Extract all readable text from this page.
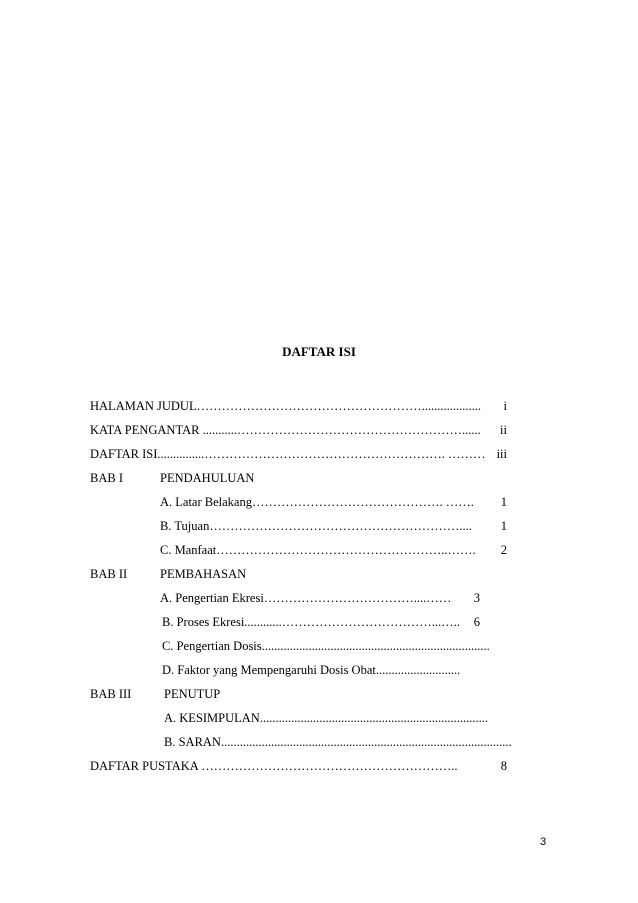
DAFTAR ISI
HALAMAN JUDUL………………………………………………...................	i
KATA PENGANTAR ...........………………………………………………......	ii
DAFTAR ISI...............…………………………………………………. ……… iii
BAB I	PENDAHULUAN
A. Latar Belakang………………………………………. …….	1
B. Tujuan……………………………………………………....	1
C. Manfaat………………………………………………..…….	2
BAB II	PEMBAHASAN
A. Pengertian Ekresi………………………………....……	3
B. Proses Ekresi............………………………………...…..	6
C. Pengertian Dosis.........................................................................
D. Faktor yang Mempengaruhi Dosis Obat...........................
BAB III	PENUTUP
A. KESIMPULAN.........................................................................
B. SARAN.............................................................................................
DAFTAR PUSTAKA ……………………………………………………..	8
3
